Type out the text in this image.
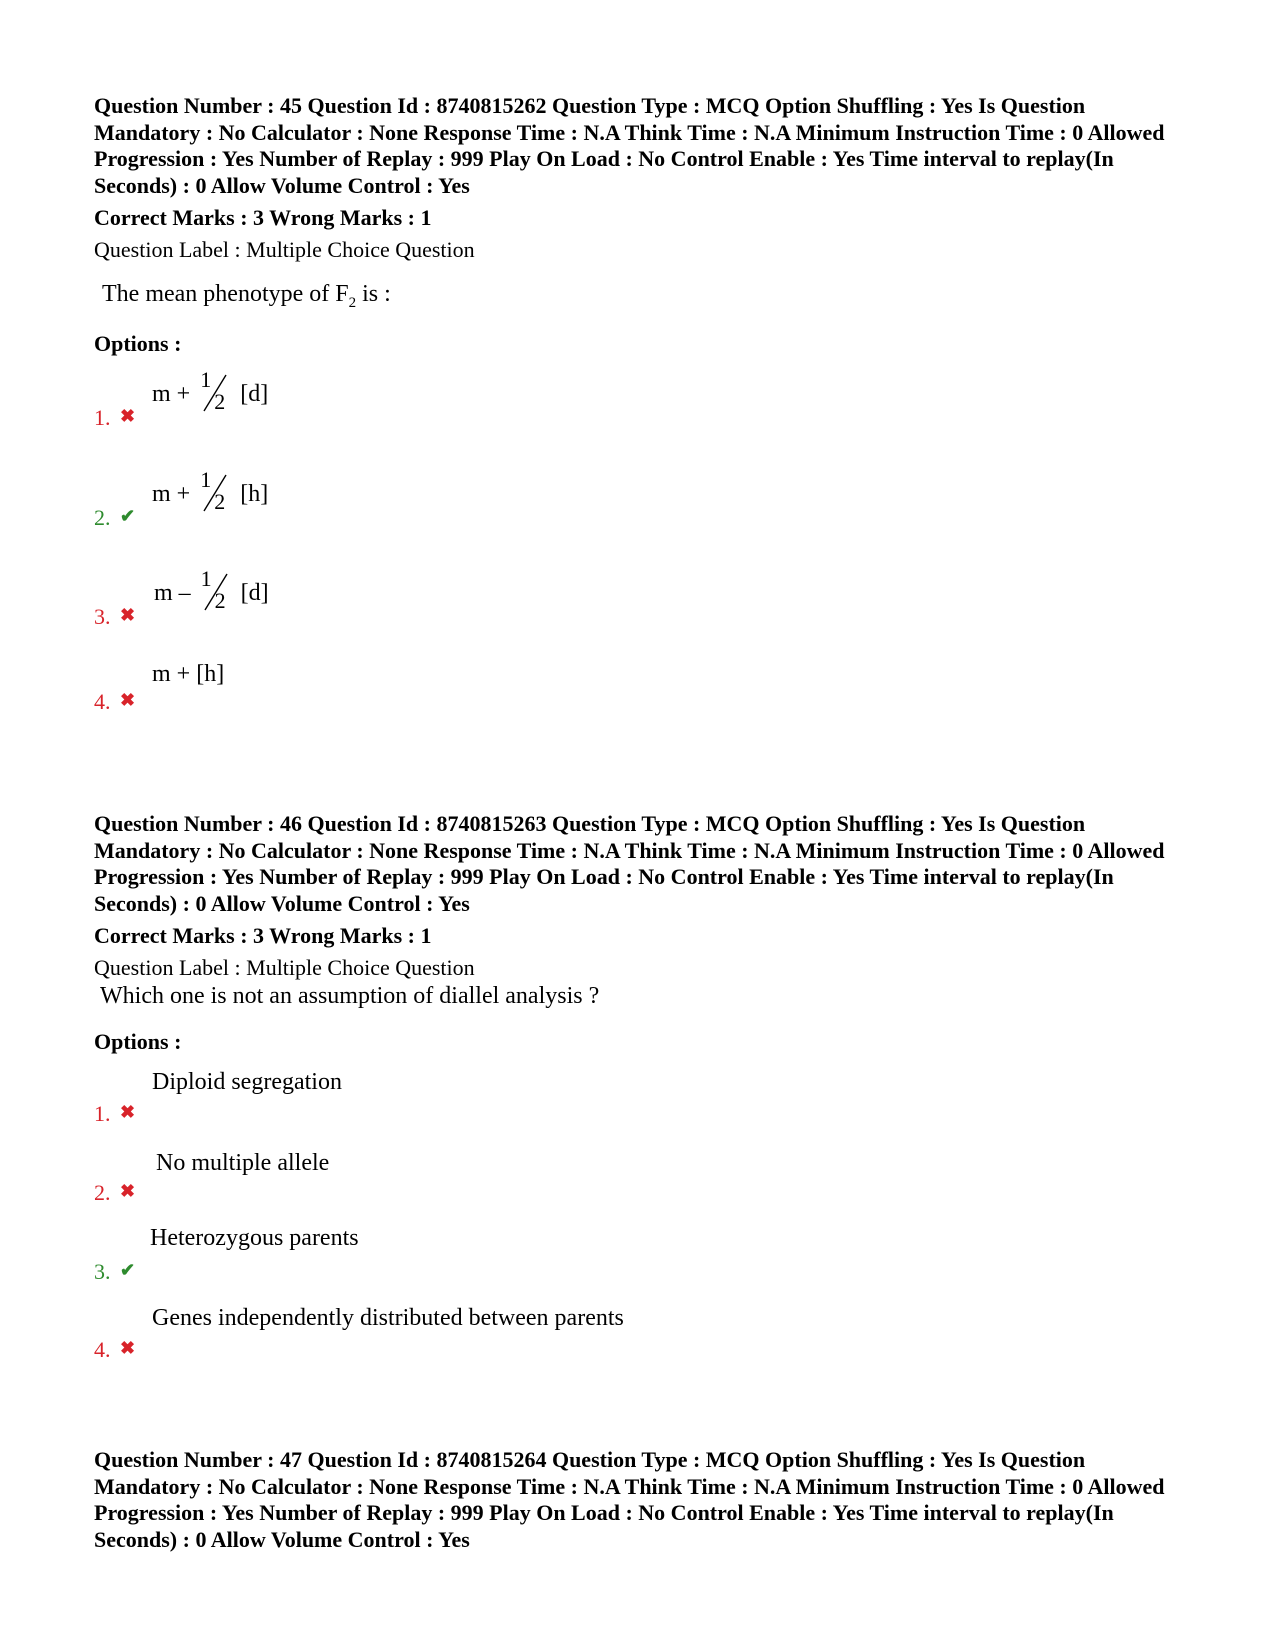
Question Number : 45 Question Id : 8740815262 Question Type : MCQ Option Shuffling : Yes Is Question Mandatory : No Calculator : None Response Time : N.A Think Time : N.A Minimum Instruction Time : 0 Allowed Progression : Yes Number of Replay : 999 Play On Load : No Control Enable : Yes Time interval to replay(In Seconds) : 0 Allow Volume Control : Yes

Correct Marks : 3 Wrong Marks : 1

Question Label : Multiple Choice Question

The mean phenotype of $F_2$ is :
Options :
1. ✖
m +
1
2 [d]
2. ✔
m +
1
2 [h]
3. ✖
m –
1
2 [d]
4. ✖
m + [h]

Question Number : 46 Question Id : 8740815263 Question Type : MCQ Option Shuffling : Yes Is Question Mandatory : No Calculator : None Response Time : N.A Think Time : N.A Minimum Instruction Time : 0 Allowed Progression : Yes Number of Replay : 999 Play On Load : No Control Enable : Yes Time interval to replay(In Seconds) : 0 Allow Volume Control : Yes

Correct Marks : 3 Wrong Marks : 1

Question Label : Multiple Choice Question

Which one is not an assumption of diallel analysis ?
Options :
1. ✖
Diploid segregation
2. ✖
No multiple allele
3. ✔
Heterozygous parents
4. ✖
Genes independently distributed between parents

Question Number : 47 Question Id : 8740815264 Question Type : MCQ Option Shuffling : Yes Is Question Mandatory : No Calculator : None Response Time : N.A Think Time : N.A Minimum Instruction Time : 0 Allowed Progression : Yes Number of Replay : 999 Play On Load : No Control Enable : Yes Time interval to replay(In Seconds) : 0 Allow Volume Control : Yes
